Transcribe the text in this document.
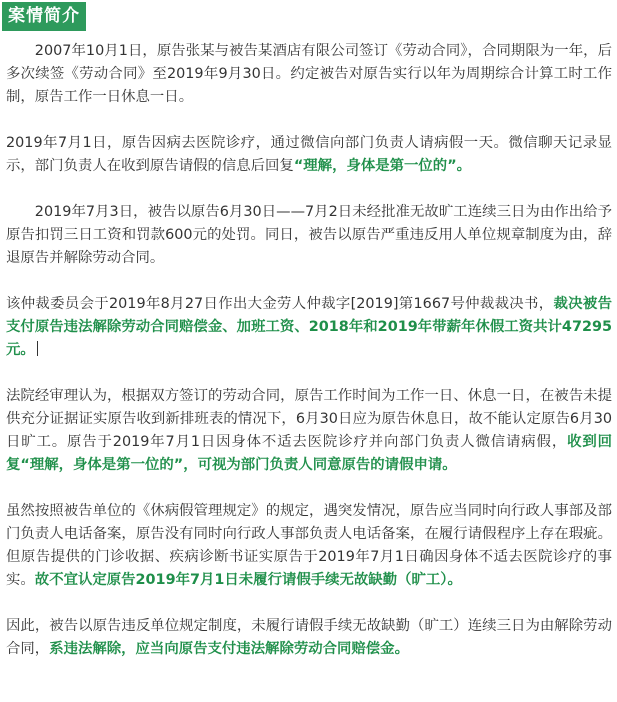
案情简介

2007年10月1日，原告张某与被告某酒店有限公司签订《劳动合同》，合同期限为一年，后多次续签《劳动合同》至2019年9月30日。约定被告对原告实行以年为周期综合计算工时工作制，原告工作一日休息一日。

2019年7月1日，原告因病去医院诊疗，通过微信向部门负责人请病假一天。微信聊天记录显示，部门负责人在收到原告请假的信息后回复“理解，身体是第一位的”。

2019年7月3日，被告以原告6月30日——7月2日未经批准无故旷工连续三日为由作出给予原告扣罚三日工资和罚款600元的处罚。同日，被告以原告严重违反用人单位规章制度为由，辞退原告并解除劳动合同。

该仲裁委员会于2019年8月27日作出大金劳人仲裁字[2019]第1667号仲裁裁决书，裁决被告支付原告违法解除劳动合同赔偿金、加班工资、2018年和2019年带薪年休假工资共计47295元。

法院经审理认为，根据双方签订的劳动合同，原告工作时间为工作一日、休息一日，在被告未提供充分证据证实原告收到新排班表的情况下，6月30日应为原告休息日，故不能认定原告6月30日旷工。原告于2019年7月1日因身体不适去医院诊疗并向部门负责人微信请病假，收到回复“理解，身体是第一位的”，可视为部门负责人同意原告的请假申请。

虽然按照被告单位的《休病假管理规定》的规定，遇突发情况，原告应当同时向行政人事部及部门负责人电话备案，原告没有同时向行政人事部负责人电话备案，在履行请假程序上存在瑕疵。但原告提供的门诊收据、疾病诊断书证实原告于2019年7月1日确因身体不适去医院诊疗的事实。故不宜认定原告2019年7月1日未履行请假手续无故缺勤（旷工）。

因此，被告以原告违反单位规定制度，未履行请假手续无故缺勤（旷工）连续三日为由解除劳动合同，系违法解除，应当向原告支付违法解除劳动合同赔偿金。
